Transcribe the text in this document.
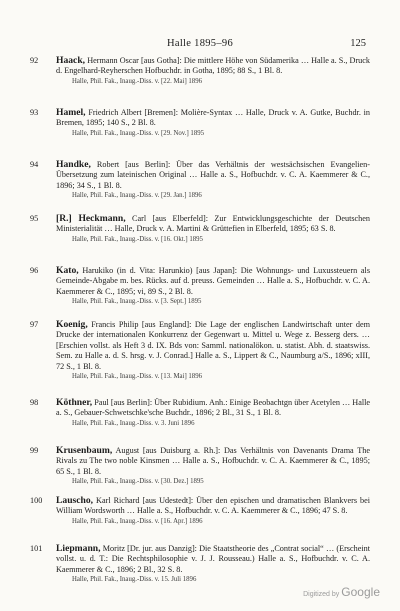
Halle 1895–96	125
92	Haack, Hermann Oscar [aus Gotha]: Die mittlere Höhe von Südamerika … Halle a. S., Druck d. Engelhard-Reyherschen Hofbuchdr. in Gotha, 1895; 88 S., 1 Bl. 8.
Halle, Phil. Fak., Inaug.-Diss. v. [22. Mai] 1896
93	Hamel, Friedrich Albert [Bremen]: Molière-Syntax … Halle, Druck v. A. Gutke, Buchdr. in Bremen, 1895; 140 S., 2 Bl. 8.
Halle, Phil. Fak., Inaug.-Diss. v. [29. Nov.] 1895
94	Handke, Robert [aus Berlin]: Über das Verhältnis der westsächsischen Evangelien-Übersetzung zum lateinischen Original … Halle a. S., Hofbuchdr. v. C. A. Kaemmerer & C., 1896; 34 S., 1 Bl. 8.
Halle, Phil. Fak., Inaug.-Diss. v. [29. Jan.] 1896
95	[R.] Heckmann, Carl [aus Elberfeld]: Zur Entwicklungsgeschichte der Deutschen Ministerialität … Halle, Druck v. A. Martini & Grüttefien in Elberfeld, 1895; 63 S. 8.
Halle, Phil. Fak., Inaug.-Diss. v. [16. Okt.] 1895
96	Kato, Harukiko (in d. Vita: Harunkio) [aus Japan]: Die Wohnungs- und Luxussteuern als Gemeinde-Abgabe m. bes. Rücks. auf d. preuss. Gemeinden … Halle a. S., Hofbuchdr. v. C. A. Kaemmerer & C., 1895; vi, 89 S., 2 Bl. 8.
Halle, Phil. Fak., Inaug.-Diss. v. [3. Sept.] 1895
97	Koenig, Francis Philip [aus England]: Die Lage der englischen Landwirtschaft unter dem Drucke der internationalen Konkurrenz der Gegenwart u. Mittel u. Wege z. Besserg ders. … [Erschien vollst. als Heft 3 d. IX. Bds von: Samml. nationalökon. u. statist. Abh. d. staatswiss. Sem. zu Halle a. d. S. hrsg. v. J. Conrad.] Halle a. S., Lippert & C., Naumburg a/S., 1896; xIII, 72 S., 1 Bl. 8.
Halle, Phil. Fak., Inaug.-Diss. v. [13. Mai] 1896
98	Köthner, Paul [aus Berlin]: Über Rubidium. Anh.: Einige Beobachtgn über Acetylen … Halle a. S., Gebauer-Schwetschke'sche Buchdr., 1896; 2 Bl., 31 S., 1 Bl. 8.
Halle, Phil. Fak., Inaug.-Diss. v. 3. Juni 1896
99	Krusenbaum, August [aus Duisburg a. Rh.]: Das Verhältnis von Davenants Drama The Rivals zu The two noble Kinsmen … Halle a. S., Hofbuchdr. v. C. A. Kaemmerer & C., 1895; 65 S., 1 Bl. 8.
Halle, Phil. Fak., Inaug.-Diss. v. [30. Dez.] 1895
100	Lauscho, Karl Richard [aus Udestedt]: Über den epischen und dramatischen Blankvers bei William Wordsworth … Halle a. S., Hofbuchdr. v. C. A. Kaemmerer & C., 1896; 47 S. 8.
Halle, Phil. Fak., Inaug.-Diss. v. [16. Apr.] 1896
101	Liepmann, Moritz [Dr. jur. aus Danzig]: Die Staatstheorie des „Contrat social“ … (Erscheint vollst. u. d. T.: Die Rechtsphilosophie v. J. J. Rousseau.) Halle a. S., Hofbuchdr. v. C. A. Kaemmerer & C., 1896; 2 Bl., 32 S. 8.
Halle, Phil. Fak., Inaug.-Diss. v. 15. Juli 1896
Digitized by Google
